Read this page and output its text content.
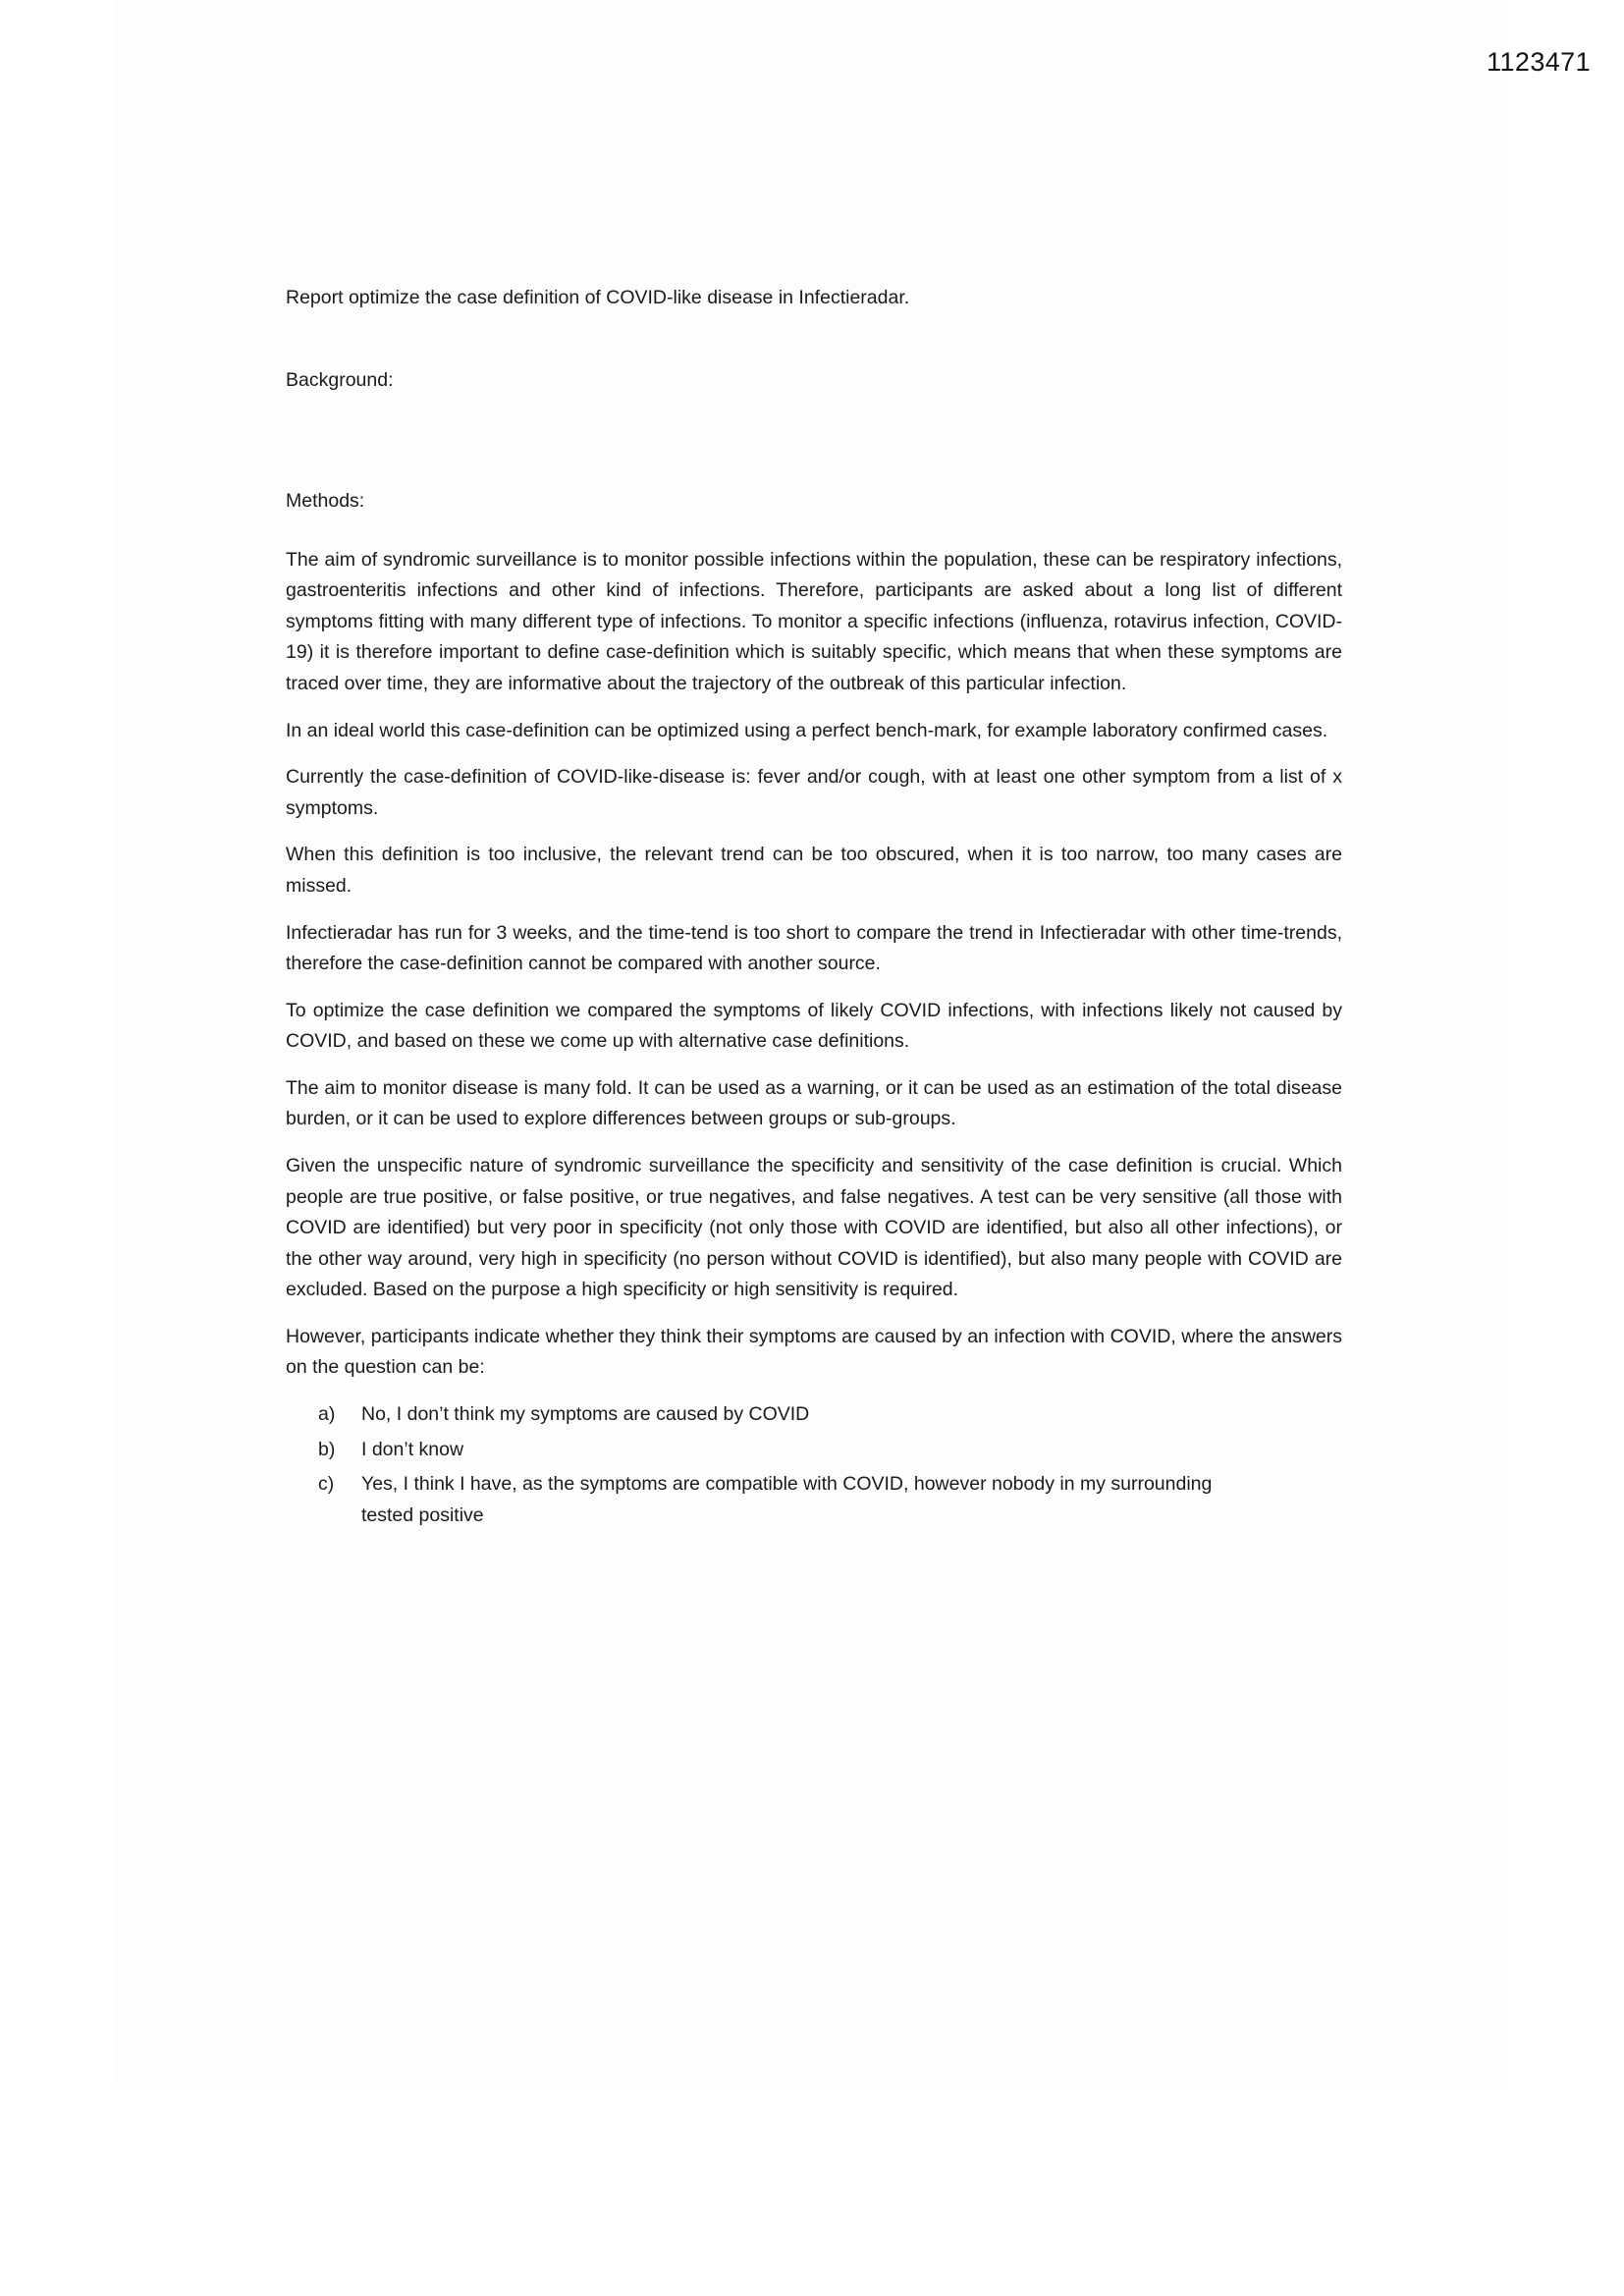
1123471

Report optimize the case definition of COVID-like disease in Infectieradar.

Background:

Methods:

The aim of syndromic surveillance is to monitor possible infections within the population, these can be respiratory infections, gastroenteritis infections and other kind of infections. Therefore, participants are asked about a long list of different symptoms fitting with many different type of infections. To monitor a specific infections (influenza, rotavirus infection, COVID-19) it is therefore important to define case-definition which is suitably specific, which means that when these symptoms are traced over time, they are informative about the trajectory of the outbreak of this particular infection.

In an ideal world this case-definition can be optimized using a perfect bench-mark, for example laboratory confirmed cases.

Currently the case-definition of COVID-like-disease is: fever and/or cough, with at least one other symptom from a list of x symptoms.

When this definition is too inclusive, the relevant trend can be too obscured, when it is too narrow, too many cases are missed.

Infectieradar has run for 3 weeks, and the time-tend is too short to compare the trend in Infectieradar with other time-trends, therefore the case-definition cannot be compared with another source.

To optimize the case definition we compared the symptoms of likely COVID infections, with infections likely not caused by COVID, and based on these we come up with alternative case definitions.

The aim to monitor disease is many fold. It can be used as a warning, or it can be used as an estimation of the total disease burden, or it can be used to explore differences between groups or sub-groups.

Given the unspecific nature of syndromic surveillance the specificity and sensitivity of the case definition is crucial. Which people are true positive, or false positive, or true negatives, and false negatives. A test can be very sensitive (all those with COVID are identified) but very poor in specificity (not only those with COVID are identified, but also all other infections), or the other way around, very high in specificity (no person without COVID is identified), but also many people with COVID are excluded. Based on the purpose a high specificity or high sensitivity is required.

However, participants indicate whether they think their symptoms are caused by an infection with COVID, where the answers on the question can be:

a)	No, I don’t think my symptoms are caused by COVID
b)	I don’t know
c)	Yes, I think I have, as the symptoms are compatible with COVID, however nobody in my surrounding tested positive
